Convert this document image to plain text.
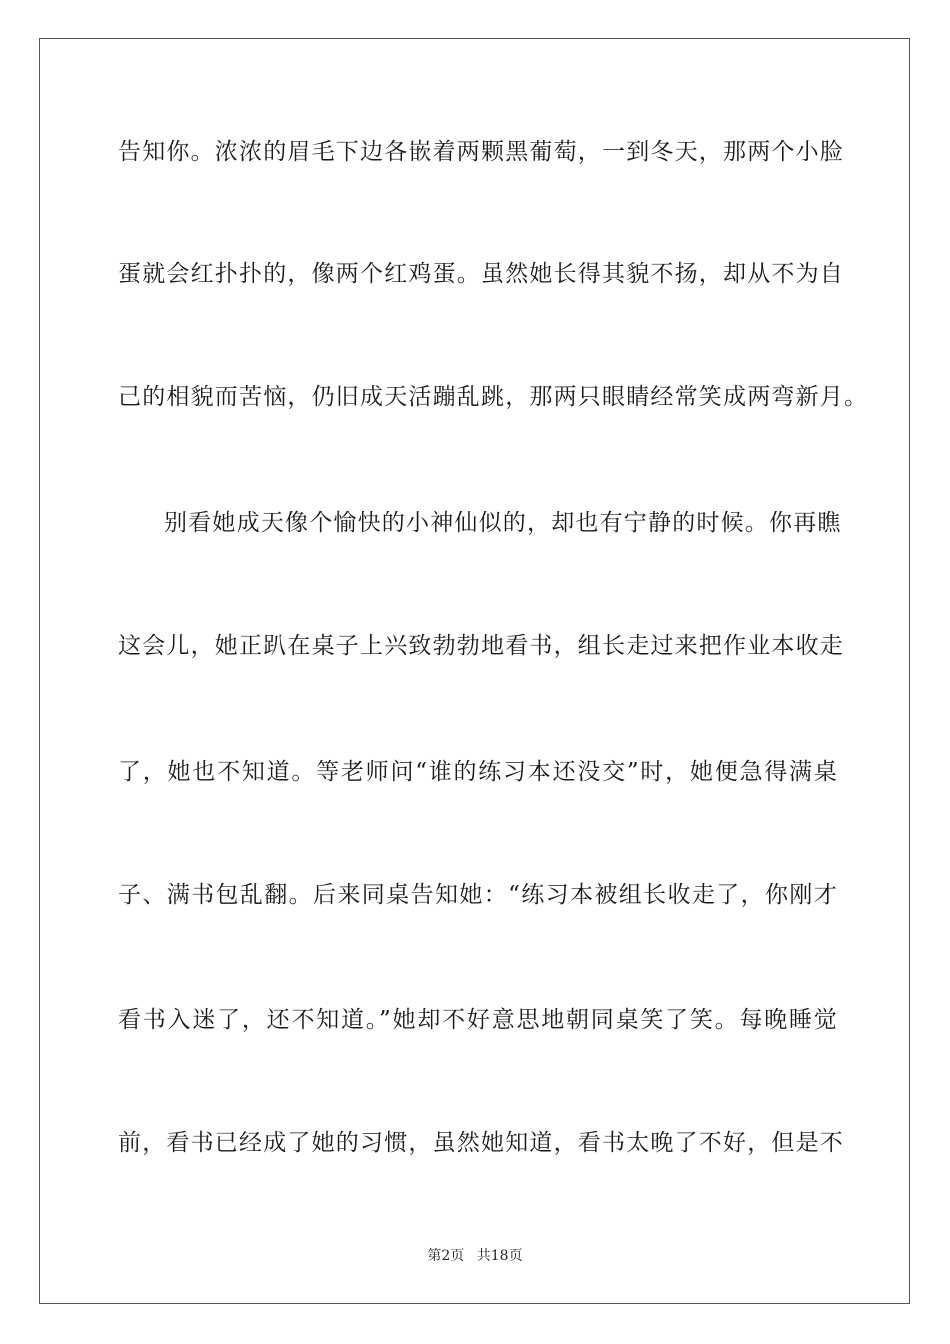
告知你。浓浓的眉毛下边各嵌着两颗黑葡萄，一到冬天，那两个小脸
蛋就会红扑扑的，像两个红鸡蛋。虽然她长得其貌不扬，却从不为自
己的相貌而苦恼，仍旧成天活蹦乱跳，那两只眼睛经常笑成两弯新月。
别看她成天像个愉快的小神仙似的，却也有宁静的时候。你再瞧
这会儿，她正趴在桌子上兴致勃勃地看书，组长走过来把作业本收走
了，她也不知道。等老师问“谁的练习本还没交”时，她便急得满桌
子、满书包乱翻。后来同桌告知她：“练习本被组长收走了，你刚才
看书入迷了，还不知道。”她却不好意思地朝同桌笑了笑。每晚睡觉
前，看书已经成了她的习惯，虽然她知道，看书太晚了不好，但是不
第2页 共18页
